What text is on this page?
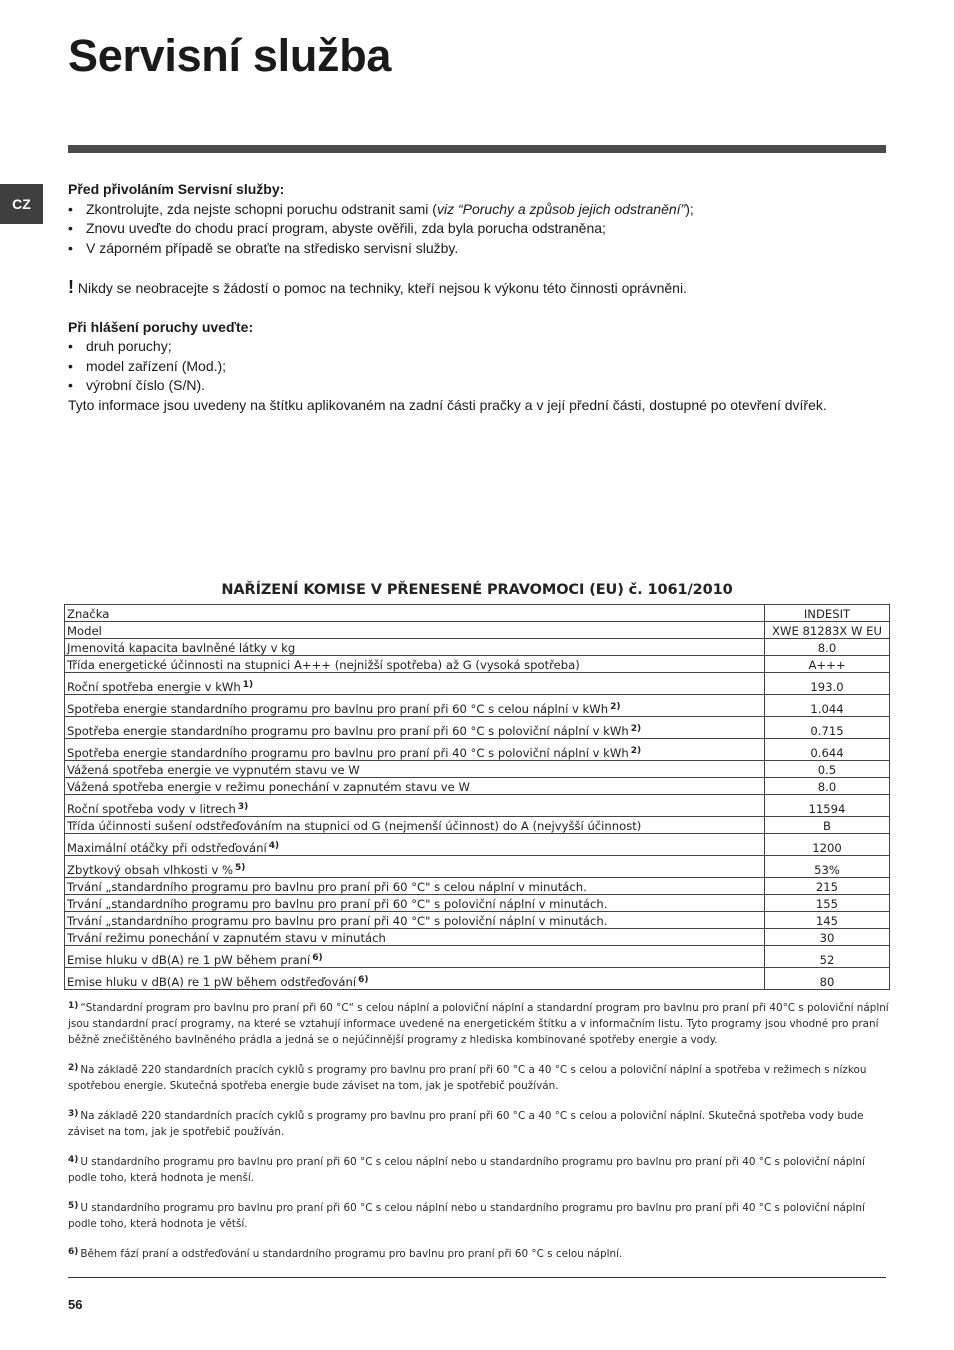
Servisní služba
CZ

Před přivoláním Servisní služby:

• Zkontrolujte, zda nejste schopni poruchu odstranit sami (viz “Poruchy a způsob jejich odstranění”);
• Znovu uveďte do chodu prací program, abyste ověřili, zda byla porucha odstraněna;
• V záporném případě se obraťte na středisko servisní služby.

! Nikdy se neobracejte s žádostí o pomoc na techniky, kteří nejsou k výkonu této činnosti oprávněni.

Při hlášení poruchy uveďte:

• druh poruchy;
• model zařízení (Mod.);
• výrobní číslo (S/N).

Tyto informace jsou uvedeny na štítku aplikovaném na zadní části pračky a v její přední části, dostupné po otevření dvířek.

NAŘÍZENÍ KOMISE V PŘENESENÉ PRAVOMOCI (EU) č. 1061/2010

Značka	INDESIT
Model	XWE 81283X W EU
Jmenovitá kapacita bavlněné látky v kg	8.0
Třída energetické účinnosti na stupnici A+++ (nejnižší spotřeba) až G (vysoká spotřeba)	A+++
Roční spotřeba energie v kWh $^{1)}$	193.0
Spotřeba energie standardního programu pro bavlnu pro praní při 60 °C s celou náplní v kWh $^{2)}$	1.044
Spotřeba energie standardního programu pro bavlnu pro praní při 60 °C s poloviční náplní v kWh $^{2)}$	0.715
Spotřeba energie standardního programu pro bavlnu pro praní při 40 °C s poloviční náplní v kWh $^{2)}$	0.644
Vážená spotřeba energie ve vypnutém stavu ve W	0.5
Vážená spotřeba energie v režimu ponechání v zapnutém stavu ve W	8.0
Roční spotřeba vody v litrech $^{3)}$	11594
Třída účinnosti sušení odstřeďováním na stupnici od G (nejmenší účinnost) do A (nejvyšší účinnost)	B
Maximální otáčky při odstřeďování $^{4)}$	1200
Zbytkový obsah vlhkosti v % $^{5)}$	53%
Trvání „standardního programu pro bavlnu pro praní při 60 °C" s celou náplní v minutách.	215
Trvání „standardního programu pro bavlnu pro praní při 60 °C" s poloviční náplní v minutách.	155
Trvání „standardního programu pro bavlnu pro praní při 40 °C" s poloviční náplní v minutách.	145
Trvání režimu ponechání v zapnutém stavu v minutách	30
Emise hluku v dB(A) re 1 pW během praní $^{6)}$	52
Emise hluku v dB(A) re 1 pW během odstřeďování $^{6)}$	80
1) “Standardní program pro bavlnu pro praní při 60 °C“ s celou náplní a poloviční náplní a standardní program pro bavlnu pro praní při 40°C s poloviční náplní jsou standardní prací programy, na které se vztahují informace uvedené na energetickém štítku a v informačním listu. Tyto programy jsou vhodné pro praní běžně znečištěného bavlněného prádla a jedná se o nejúčinnější programy z hlediska kombinované spotřeby energie a vody.
2) Na základě 220 standardních pracích cyklů s programy pro bavlnu pro praní při 60 °C a 40 °C s celou a poloviční náplní a spotřeba v režimech s nízkou spotřebou energie. Skutečná spotřeba energie bude záviset na tom, jak je spotřebič používán.
3) Na základě 220 standardních pracích cyklů s programy pro bavlnu pro praní při 60 °C a 40 °C s celou a poloviční náplní. Skutečná spotřeba vody bude záviset na tom, jak je spotřebič používán.
4) U standardního programu pro bavlnu pro praní při 60 °C s celou náplní nebo u standardního programu pro bavlnu pro praní při 40 °C s poloviční náplní podle toho, která hodnota je menší.
5) U standardního programu pro bavlnu pro praní při 60 °C s celou náplní nebo u standardního programu pro bavlnu pro praní při 40 °C s poloviční náplní podle toho, která hodnota je větší.
6) Během fází praní a odstřeďování u standardního programu pro bavlnu pro praní při 60 °C s celou náplní.
56
